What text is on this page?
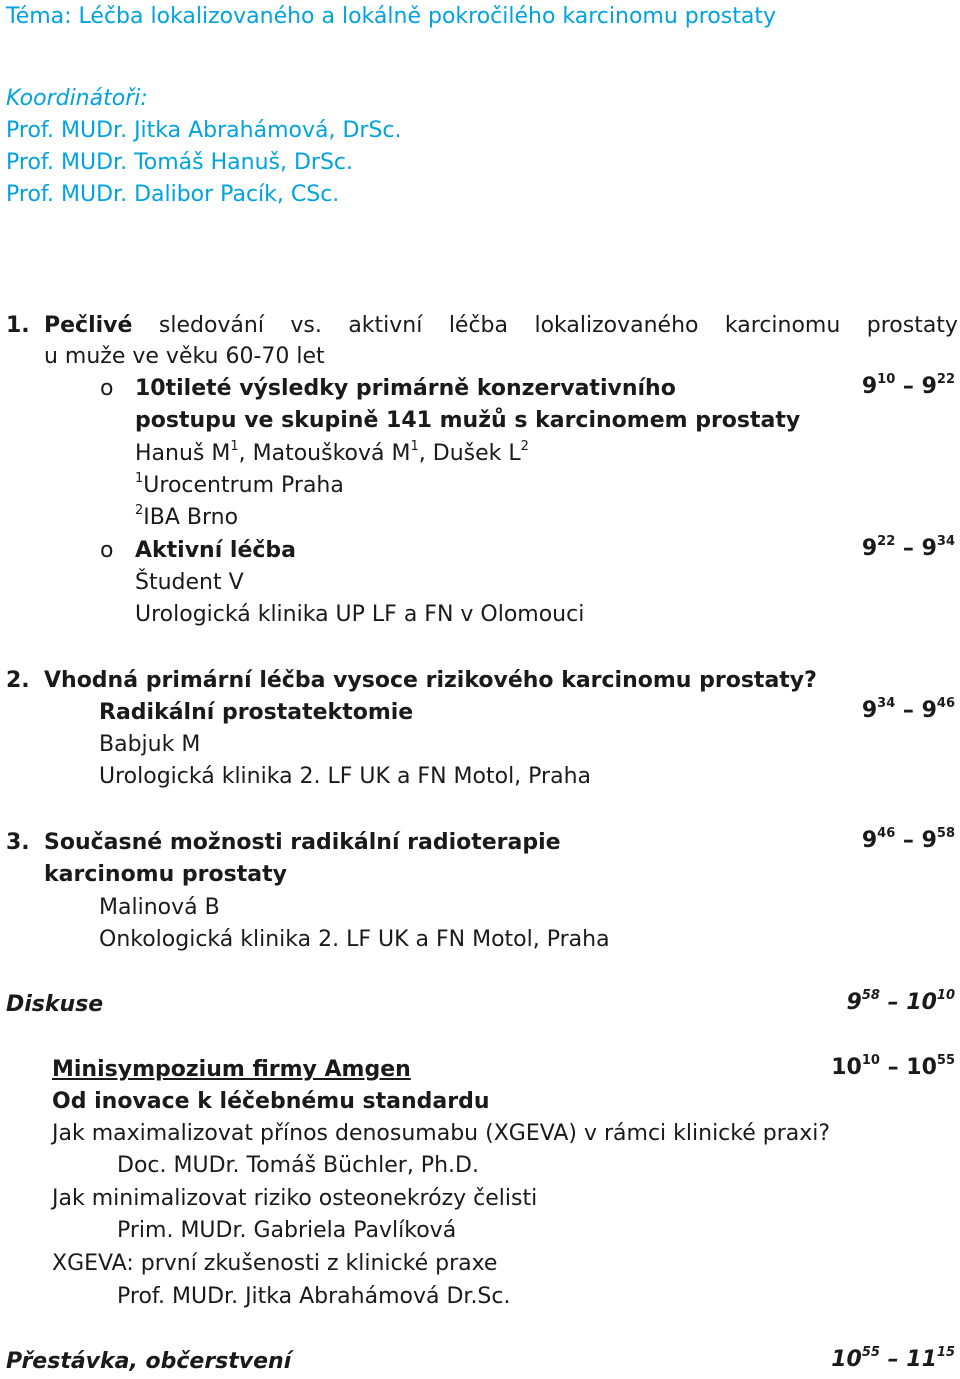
Téma: Léčba lokalizovaného a lokálně pokročilého karcinomu prostaty
Koordinátoři:
Prof. MUDr. Jitka Abrahámová, DrSc.
Prof. MUDr. Tomáš Hanuš, DrSc.
Prof. MUDr. Dalibor Pacík, CSc.
1. Pečlivé sledování vs. aktivní léčba lokalizovaného karcinomu prostaty
u muže ve věku 60-70 let
o 10tileté výsledky primárně konzervativního
postupu ve skupině 141 mužů s karcinomem prostaty
Hanuš $M^1$, Matoušková $M^1$, Dušek $L^2$
$^1$Urocentrum Praha
$^2$IBA Brno
$9^{10} - 9^{22}$
o Aktivní léčba
Študent V
Urologická klinika UP LF a FN v Olomouci
$9^{22} - 9^{34}$
2. Vhodná primární léčba vysoce rizikového karcinomu prostaty?
Radikální prostatektomie
Babjuk M
Urologická klinika 2. LF UK a FN Motol, Praha
$9^{34} - 9^{46}$
3. Současné možnosti radikální radioterapie
karcinomu prostaty
Malinová B
Onkologická klinika 2. LF UK a FN Motol, Praha
$9^{46} - 9^{58}$
Diskuse	$9^{58} - 10^{10}$
Minisympozium firmy Amgen
Od inovace k léčebnému standardu
Jak maximalizovat přínos denosumabu (XGEVA) v rámci klinické praxi?
Doc. MUDr. Tomáš Büchler, Ph.D.
Jak minimalizovat riziko osteonekrózy čelisti
Prim. MUDr. Gabriela Pavlíková
XGEVA: první zkušenosti z klinické praxe
Prof. MUDr. Jitka Abrahámová Dr.Sc.
$10^{10} - 10^{55}$
Přestávka, občerstvení	$10^{55} - 11^{15}$
